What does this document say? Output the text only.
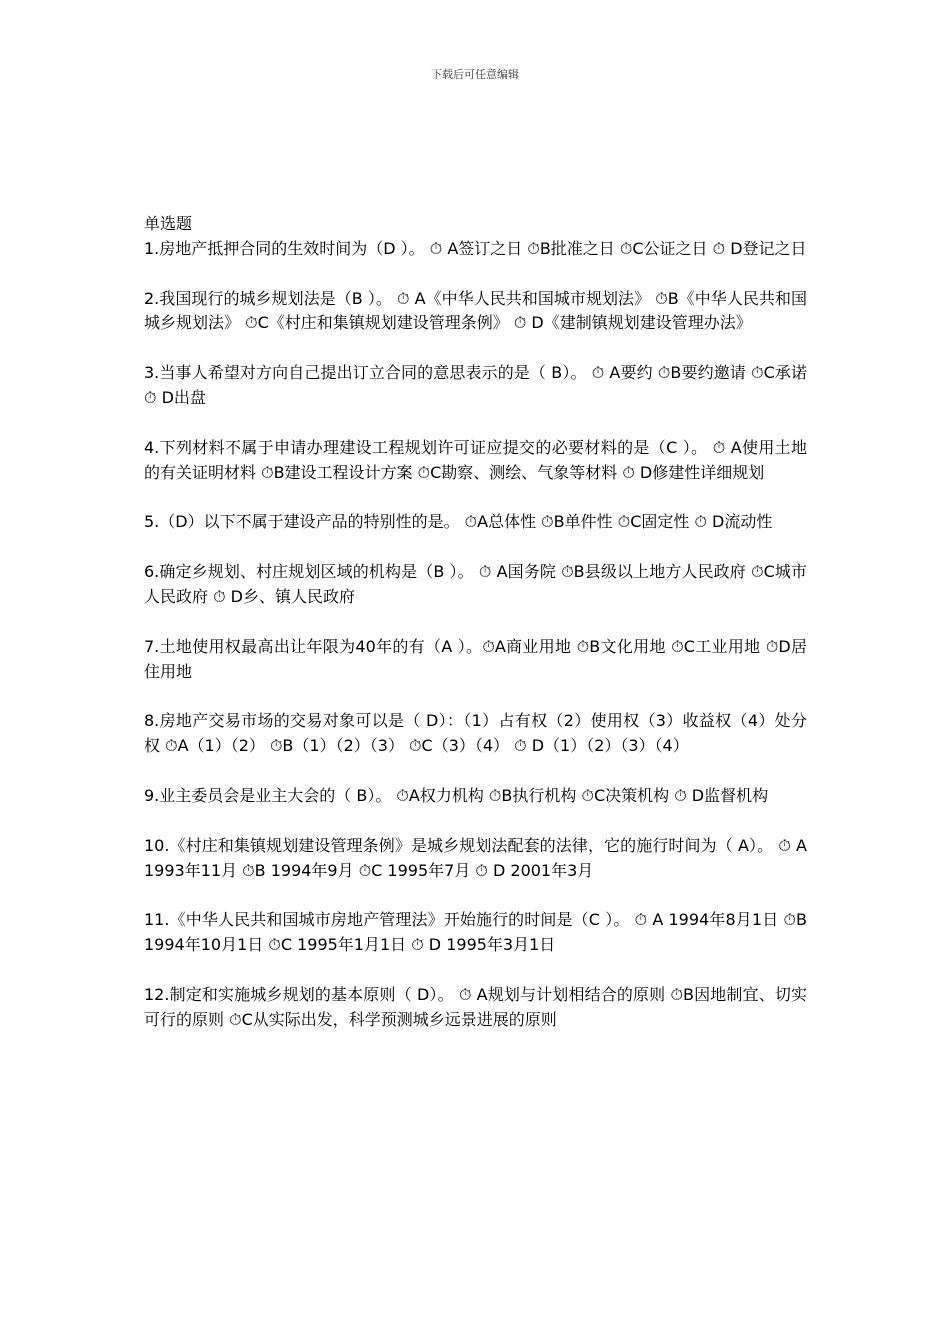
下载后可任意编辑

单选题

1.房地产抵押合同的生效时间为（D ）。 ⏱ A签订之日 ⏱B批准之日 ⏱C公证之日 ⏱ D登记之日

2.我国现行的城乡规划法是（B ）。 ⏱ A《中华人民共和国城市规划法》 ⏱B《中华人民共和国城乡规划法》 ⏱C《村庄和集镇规划建设管理条例》 ⏱ D《建制镇规划建设管理办法》

3.当事人希望对方向自己提出订立合同的意思表示的是（ B）。 ⏱ A要约 ⏱B要约邀请 ⏱C承诺 ⏱ D出盘

4.下列材料不属于申请办理建设工程规划许可证应提交的必要材料的是（C ）。 ⏱ A使用土地的有关证明材料 ⏱B建设工程设计方案 ⏱C勘察、测绘、气象等材料 ⏱ D修建性详细规划

5.（D）以下不属于建设产品的特别性的是。 ⏱A总体性 ⏱B单件性 ⏱C固定性 ⏱ D流动性

6.确定乡规划、村庄规划区域的机构是（B ）。 ⏱ A国务院 ⏱B县级以上地方人民政府 ⏱C城市人民政府 ⏱ D乡、镇人民政府

7.土地使用权最高出让年限为40年的有（A ）。⏱A商业用地 ⏱B文化用地 ⏱C工业用地 ⏱D居住用地

8.房地产交易市场的交易对象可以是（ D）：（1）占有权（2）使用权（3）收益权（4）处分权 ⏱A（1）（2） ⏱B（1）（2）（3） ⏱C（3）（4） ⏱ D（1）（2）（3）（4）

9.业主委员会是业主大会的（ B）。 ⏱A权力机构 ⏱B执行机构 ⏱C决策机构 ⏱ D监督机构

10.《村庄和集镇规划建设管理条例》是城乡规划法配套的法律，它的施行时间为（ A）。 ⏱ A 1993年11月 ⏱B 1994年9月 ⏱C 1995年7月 ⏱ D 2001年3月

11.《中华人民共和国城市房地产管理法》开始施行的时间是（C ）。 ⏱ A 1994年8月1日 ⏱B 1994年10月1日 ⏱C 1995年1月1日 ⏱ D 1995年3月1日

12.制定和实施城乡规划的基本原则（ D）。 ⏱ A规划与计划相结合的原则 ⏱B因地制宜、切实可行的原则 ⏱C从实际出发，科学预测城乡远景进展的原则
